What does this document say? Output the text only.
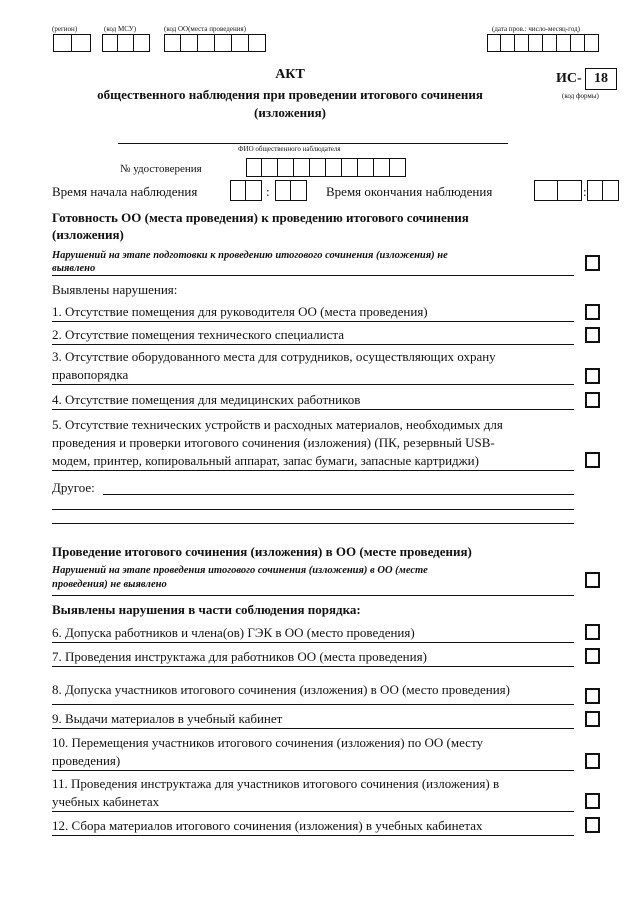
(регион)	(код МСУ)	(код ОО(места проведения)	(дата пров.: число-месяц-год)
АКТ
общественного наблюдения при проведении итогового сочинения
(изложения)
ИС- 18
(код формы)
ФИО общественного наблюдателя
№ удостоверения
Время начала наблюдения	:	Время окончания наблюдения	:
Готовность ОО (места проведения) к проведению итогового сочинения
(изложения)
Нарушений на этапе подготовки к проведению итогового сочинения (изложения) не
выявлено
Выявлены нарушения:
1. Отсутствие помещения для руководителя ОО (места проведения)
2. Отсутствие помещения технического специалиста
3. Отсутствие оборудованного места для сотрудников, осуществляющих охрану
правопорядка
4. Отсутствие помещения для медицинских работников
5. Отсутствие технических устройств и расходных материалов, необходимых для
проведения и проверки итогового сочинения (изложения) (ПК, резервный USB-
модем, принтер, копировальный аппарат, запас бумаги, запасные картриджи)
Другое:
Проведение итогового сочинения (изложения) в ОО (месте проведения)
Нарушений на этапе проведения итогового сочинения (изложения) в ОО (месте
проведения) не выявлено
Выявлены нарушения в части соблюдения порядка:
6. Допуска работников и члена(ов) ГЭК в ОО (место проведения)
7. Проведения инструктажа для работников ОО (места проведения)
8. Допуска участников итогового сочинения (изложения) в ОО (место проведения)
9. Выдачи материалов в учебный кабинет
10. Перемещения участников итогового сочинения (изложения) по ОО (месту
проведения)
11. Проведения инструктажа для участников итогового сочинения (изложения) в
учебных кабинетах
12. Сбора материалов итогового сочинения (изложения) в учебных кабинетах
